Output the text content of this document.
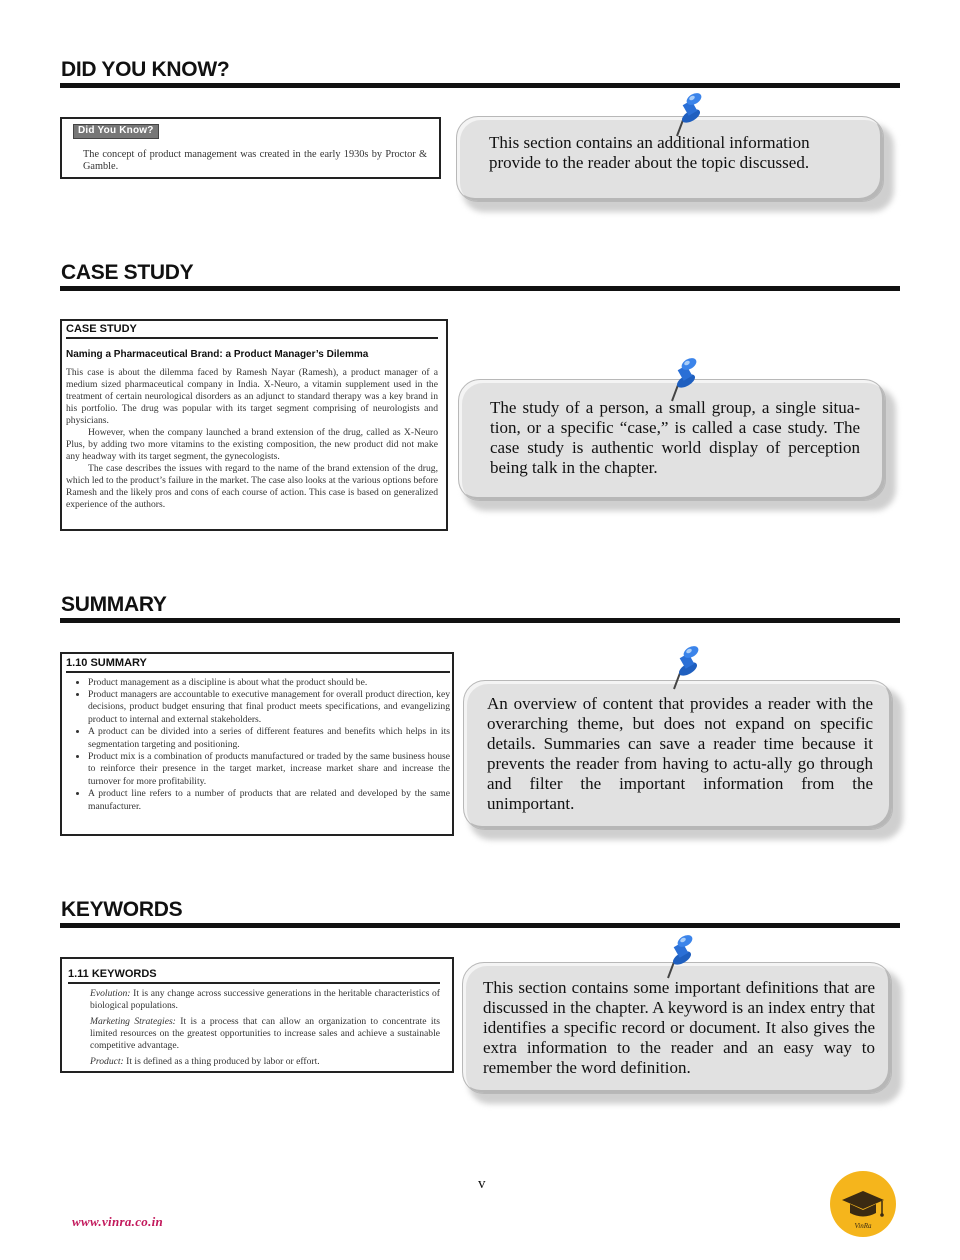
DID YOU KNOW?
Did You Know?

The concept of product management was created in the early 1930s by Proctor & Gamble.

This section contains an additional information provide to the reader about the topic discussed.
CASE STUDY
CASE STUDY
Naming a Pharmaceutical Brand: a Product Manager’s Dilemma

This case is about the dilemma faced by Ramesh Nayar (Ramesh), a product manager of a medium sized pharmaceutical company in India. X-Neuro, a vitamin supplement used in the treatment of certain neurological disorders as an adjunct to standard therapy was a key brand in his portfolio. The drug was popular with its target segment comprising of neurologists and physicians.

However, when the company launched a brand extension of the drug, called as X-Neuro Plus, by adding two more vitamins to the existing composition, the new product did not make any headway with its target segment, the gynecologists.

The case describes the issues with regard to the name of the brand extension of the drug, which led to the product’s failure in the market. The case also looks at the various options before Ramesh and the likely pros and cons of each course of action. This case is based on generalized experience of the authors.

The study of a person, a small group, a single situa-tion, or a specific “case,” is called a case study. The case study is authentic world display of perception being talk in the chapter.
SUMMARY
1.10 SUMMARY
• Product management as a discipline is about what the product should be.
• Product managers are accountable to executive management for overall product direction, key decisions, product budget ensuring that final product meets specifications, and evangelizing product to internal and external stakeholders.
• A product can be divided into a series of different features and benefits which helps in its segmentation targeting and positioning.
• Product mix is a combination of products manufactured or traded by the same business house to reinforce their presence in the target market, increase market share and increase the turnover for more profitability.
• A product line refers to a number of products that are related and developed by the same manufacturer.
An overview of content that provides a reader with the overarching theme, but does not expand on specific details. Summaries can save a reader time because it prevents the reader from having to actu-ally go through and filter the important information from the unimportant.
KEYWORDS
1.11 KEYWORDS

Evolution: It is any change across successive generations in the heritable characteristics of biological populations.

Marketing Strategies: It is a process that can allow an organization to concentrate its limited resources on the greatest opportunities to increase sales and achieve a sustainable competitive advantage.

Product: It is defined as a thing produced by labor or effort.

This section contains some important definitions that are discussed in the chapter. A keyword is an index entry that identifies a specific record or document. It also gives the extra information to the reader and an easy way to remember the word definition.
v
www.vinra.co.in	VinRa
